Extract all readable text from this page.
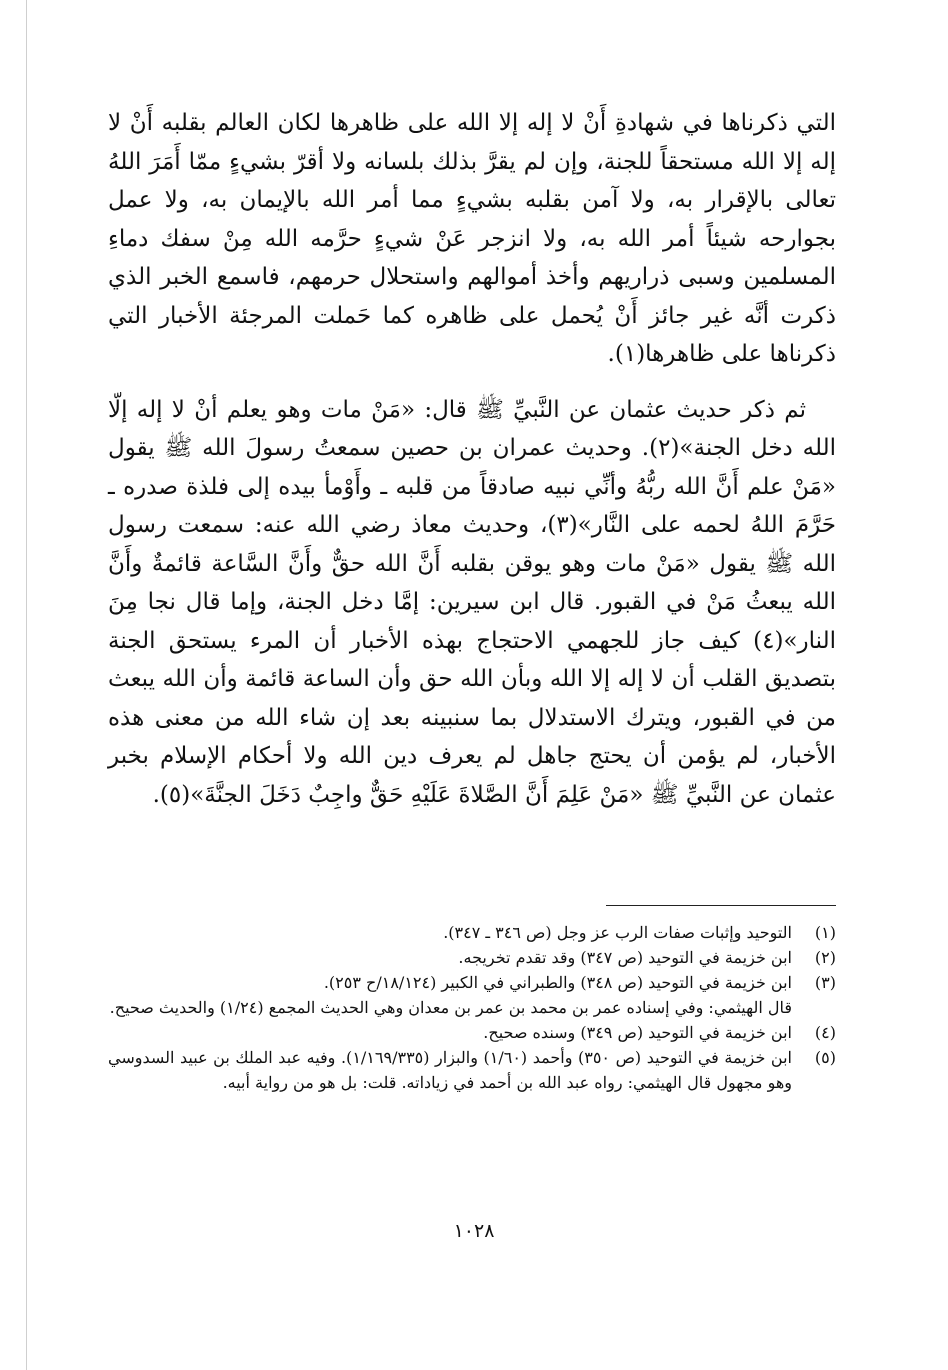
التي ذكرناها في شهادةِ أَنْ لا إله إلا الله على ظاهرها لكان العالم بقلبه أَنْ لا إله إلا الله مستحقاً للجنة، وإن لم يقرَّ بذلك بلسانه ولا أقرّ بشيءٍ ممّا أَمَرَ اللهُ تعالى بالإقرار به، ولا آمن بقلبه بشيءٍ مما أمر الله بالإيمان به، ولا عمل بجوارحه شيئاً أمر الله به، ولا انزجر عَنْ شيءٍ حرَّمه الله مِنْ سفك دماءِ المسلمين وسبى ذراريهم وأخذ أموالهم واستحلال حرمهم، فاسمع الخبر الذي ذكرت أنَّه غير جائز أَنْ يُحمل على ظاهره كما حَملت المرجئة الأخبار التي ذكرناها على ظاهرها(١).

ثم ذكر حديث عثمان عن النَّبيِّ ﷺ قال: «مَنْ مات وهو يعلم أنْ لا إله إلّا الله دخل الجنة»(٢). وحديث عمران بن حصين سمعتُ رسولَ الله ﷺ يقول «مَنْ علم أَنَّ الله ربُّهُ وأنِّي نبيه صادقاً من قلبه ـ وأَوْمأ بيده إلى فلذة صدره ـ حَرَّمَ اللهُ لحمه على النَّار»(٣)، وحديث معاذ رضي الله عنه: سمعت رسول الله ﷺ يقول «مَنْ مات وهو يوقن بقلبه أَنَّ الله حقٌّ وأَنَّ السَّاعة قائمةٌ وأَنَّ الله يبعثُ مَنْ في القبور. قال ابن سيرين: إمَّا دخل الجنة، وإما قال نجا مِنَ النار»(٤) كيف جاز للجهمي الاحتجاج بهذه الأخبار أن المرء يستحق الجنة بتصديق القلب أن لا إله إلا الله وبأن الله حق وأن الساعة قائمة وأن الله يبعث من في القبور، ويترك الاستدلال بما سنبينه بعد إن شاء الله من معنى هذه الأخبار، لم يؤمن أن يحتج جاهل لم يعرف دين الله ولا أحكام الإسلام بخبر عثمان عن النَّبيِّ ﷺ «مَنْ عَلِمَ أَنَّ الصَّلاةَ عَلَيْهِ حَقٌّ واجِبٌ دَخَلَ الجنَّةَ»(٥).

(١)
التوحيد وإثبات صفات الرب عز وجل (ص ٣٤٦ ـ ٣٤٧).
(٢)
ابن خزيمة في التوحيد (ص ٣٤٧) وقد تقدم تخريجه.
(٣)
ابن خزيمة في التوحيد (ص ٣٤٨) والطبراني في الكبير (١٨/١٢٤/ح ٢٥٣).
قال الهيثمي: وفي إسناده عمر بن محمد بن عمر بن معدان وهي الحديث المجمع (١/٢٤) والحديث صحيح.
(٤)
ابن خزيمة في التوحيد (ص ٣٤٩) وسنده صحيح.
(٥)
ابن خزيمة في التوحيد (ص ٣٥٠) وأحمد (١/٦٠) والبزار (١/١٦٩/٣٣٥). وفيه عبد الملك بن عبيد السدوسي وهو مجهول قال الهيثمي: رواه عبد الله بن أحمد في زياداته. قلت: بل هو من رواية أبيه.
١٠٢٨
